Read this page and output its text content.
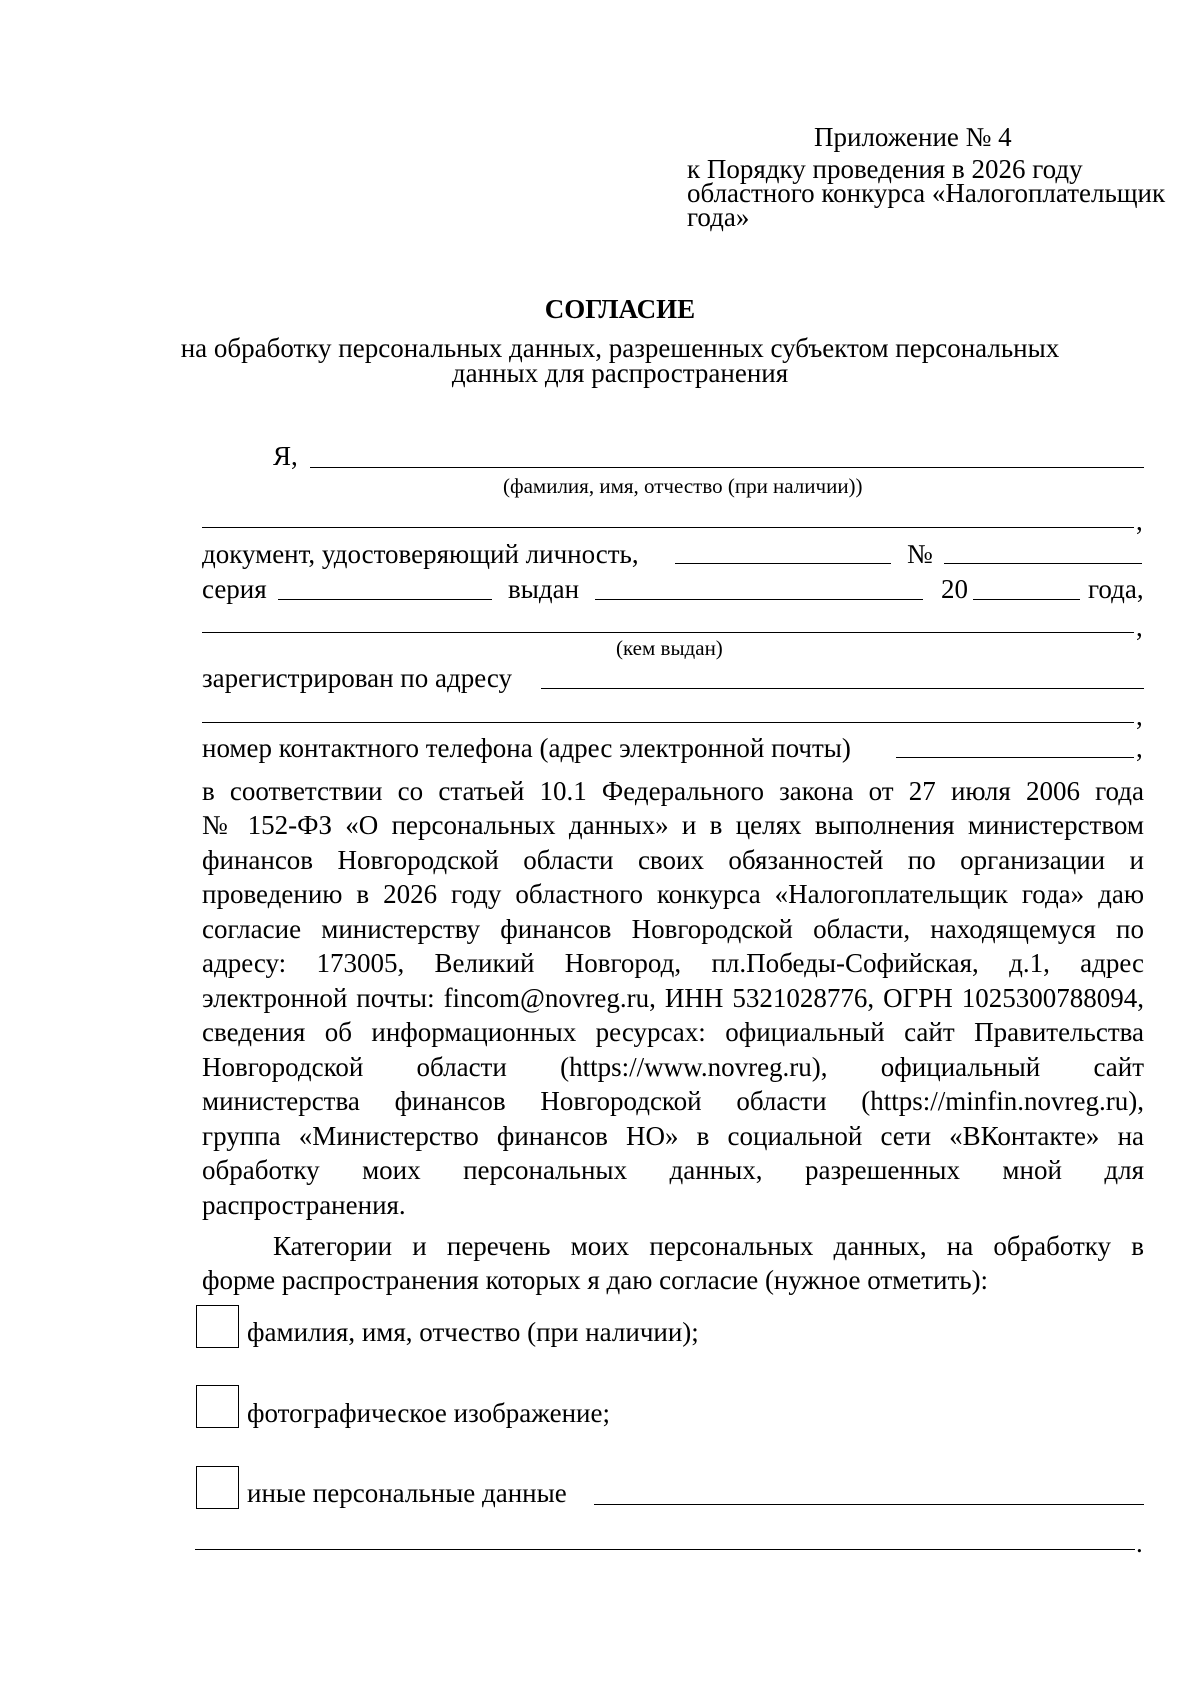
Приложение № 4
к Порядку проведения в 2026 году
областного конкурса «Налогоплательщик
года»
СОГЛАСИЕ
на обработку персональных данных, разрешенных субъектом персональных
данных для распространения
Я,
(фамилия, имя, отчество (при наличии))
,
документ, удостоверяющий личность,	№
серия	выдан	20	года,
,
(кем выдан)
зарегистрирован по адресу
,
номер контактного телефона (адрес электронной почты)	,
в соответствии со статьей 10.1 Федерального закона от 27 июля 2006 года
№ 152-ФЗ «О персональных данных» и в целях выполнения министерством
финансов Новгородской области своих обязанностей по организации и
проведению в 2026 году областного конкурса «Налогоплательщик года» даю
согласие министерству финансов Новгородской области, находящемуся по
адресу: 173005, Великий Новгород, пл.Победы-Софийская, д.1, адрес
электронной почты: fincom@novreg.ru, ИНН 5321028776, ОГРН 1025300788094,
сведения об информационных ресурсах: официальный сайт Правительства
Новгородской области (https://www.novreg.ru), официальный сайт
министерства финансов Новгородской области (https://minfin.novreg.ru),
группа «Министерство финансов НО» в социальной сети «ВКонтакте» на
обработку моих персональных данных, разрешенных мной для
распространения.
Категории и перечень моих персональных данных, на обработку в
форме распространения которых я даю согласие (нужное отметить):
фамилия, имя, отчество (при наличии);
фотографическое изображение;
иные персональные данные
.
